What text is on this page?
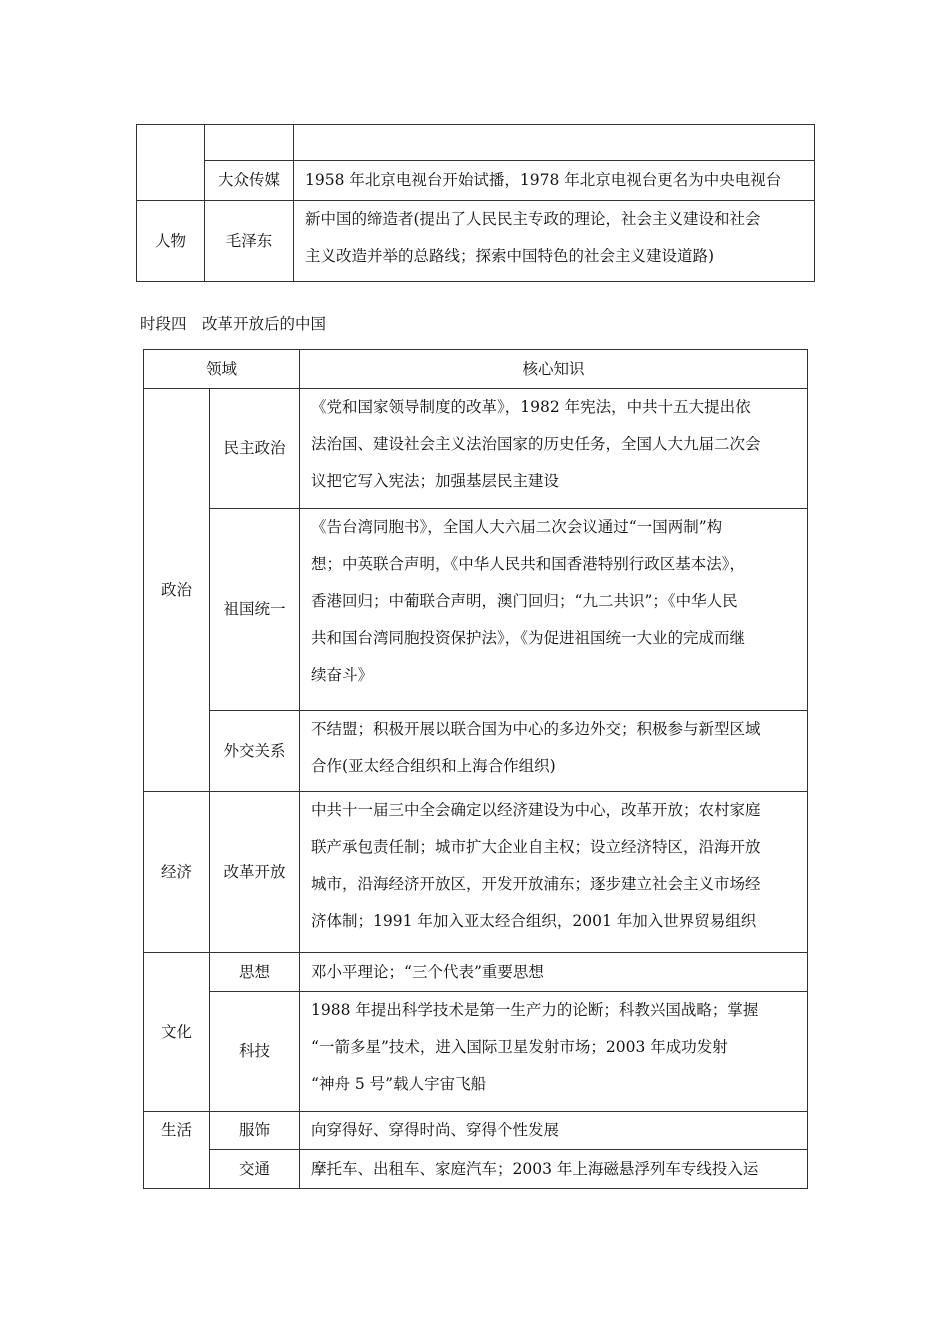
	大众传媒	1958 年北京电视台开始试播，1978 年北京电视台更名为中央电视台
人物	毛泽东	新中国的缔造者(提出了人民民主专政的理论，社会主义建设和社会
主义改造并举的总路线；探索中国特色的社会主义建设道路)
时段四　改革开放后的中国
领域		核心知识
政治	民主政治	《党和国家领导制度的改革》，1982 年宪法，中共十五大提出依
法治国、建设社会主义法治国家的历史任务，全国人大九届二次会
议把它写入宪法；加强基层民主建设

	祖国统一	《告台湾同胞书》，全国人大六届二次会议通过“一国两制”构
想；中英联合声明，《中华人民共和国香港特别行政区基本法》，
香港回归；中葡联合声明，澳门回归；“九二共识”；《中华人民
共和国台湾同胞投资保护法》，《为促进祖国统一大业的完成而继
续奋斗》

	外交关系	不结盟；积极开展以联合国为中心的多边外交；积极参与新型区域
合作(亚太经合组织和上海合作组织)

经济	改革开放	中共十一届三中全会确定以经济建设为中心，改革开放；农村家庭
联产承包责任制；城市扩大企业自主权；设立经济特区，沿海开放
城市，沿海经济开放区，开发开放浦东；逐步建立社会主义市场经
济体制；1991 年加入亚太经合组织，2001 年加入世界贸易组织

文化	思想	邓小平理论；“三个代表”重要思想

	科技	1988 年提出科学技术是第一生产力的论断；科教兴国战略；掌握
“一箭多星”技术，进入国际卫星发射市场；2003 年成功发射
“神舟 5 号”载人宇宙飞船

生活	服饰	向穿得好、穿得时尚、穿得个性发展

	交通	摩托车、出租车、家庭汽车；2003 年上海磁悬浮列车专线投入运
